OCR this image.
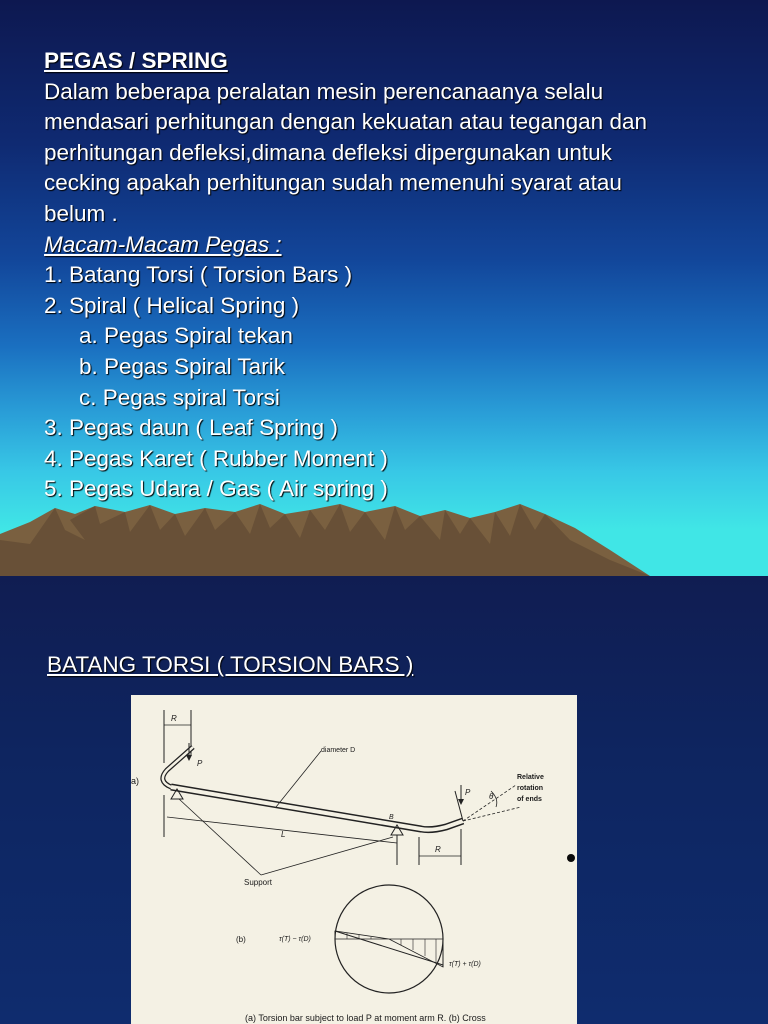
PEGAS / SPRING
Dalam beberapa peralatan mesin perencanaanya selalu
mendasari perhitungan dengan kekuatan atau tegangan dan
perhitungan defleksi,dimana defleksi dipergunakan untuk
cecking apakah perhitungan sudah memenuhi syarat atau
belum .
Macam-Macam Pegas :
1. Batang Torsi ( Torsion Bars )
2. Spiral ( Helical Spring )
a. Pegas Spiral tekan
b. Pegas Spiral Tarik
c. Pegas spiral Torsi
3. Pegas daun ( Leaf Spring )
4. Pegas Karet ( Rubber Moment )
5. Pegas Udara / Gas ( Air spring )
BATANG TORSI ( TORSION BARS )
a)
R
P
P θ
Relative
rotation
of ends
diameter D
B
L
R
Support
(b)	τ(T) − τ(D)
τ(T) + τ(D)
(a) Torsion bar subject to load P at moment arm R. (b) Cross
